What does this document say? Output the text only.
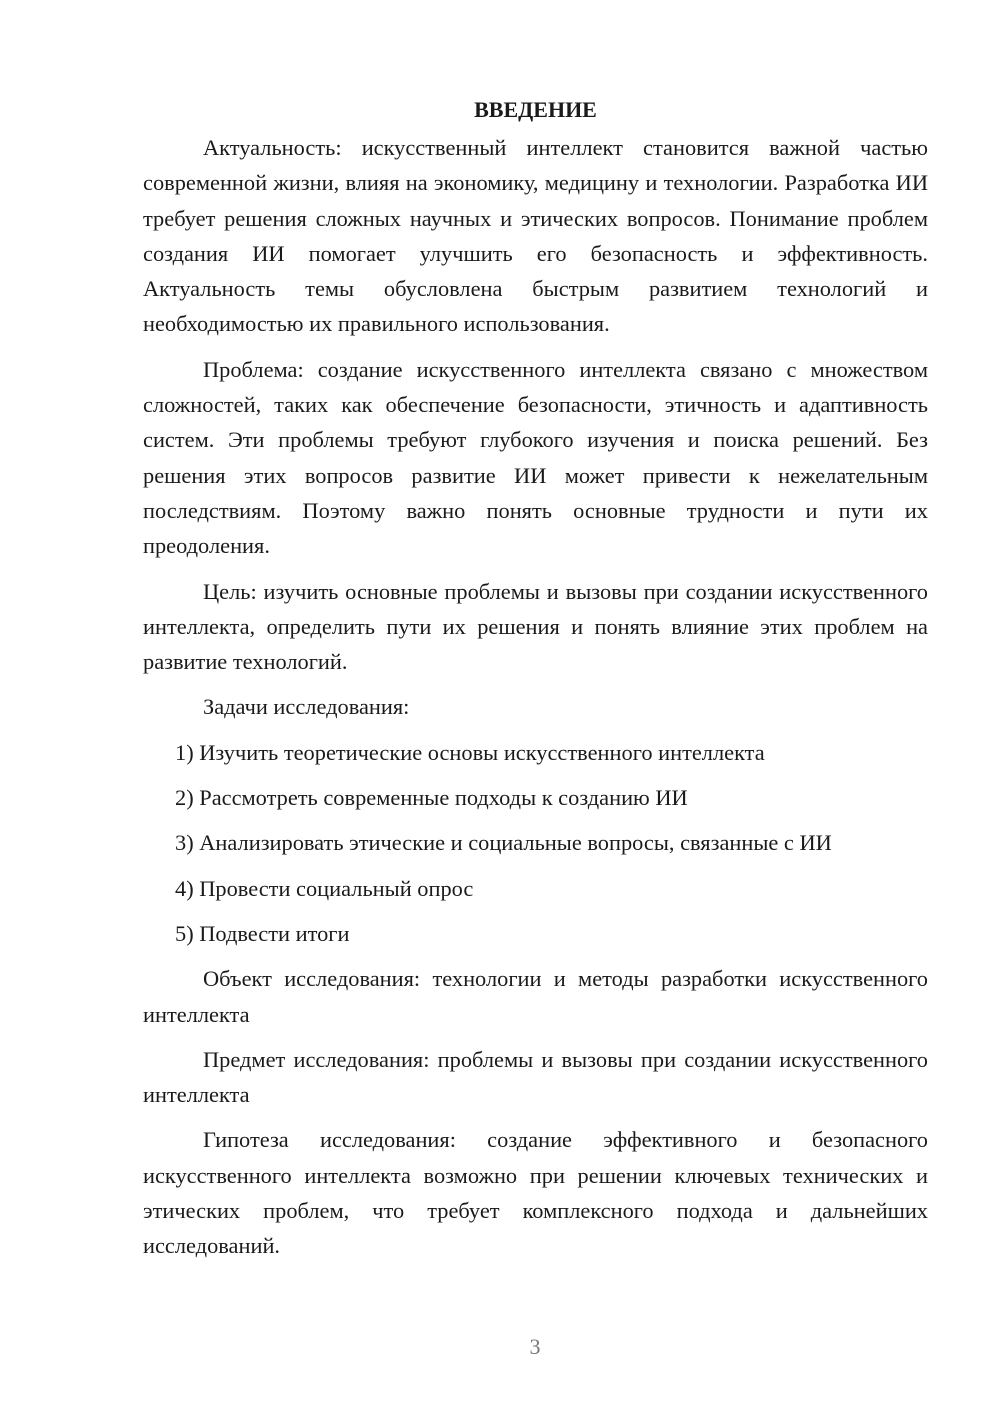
ВВЕДЕНИЕ

Актуальность: искусственный интеллект становится важной частью современной жизни, влияя на экономику, медицину и технологии. Разработка ИИ требует решения сложных научных и этических вопросов. Понимание проблем создания ИИ помогает улучшить его безопасность и эффективность. Актуальность темы обусловлена быстрым развитием технологий и необходимостью их правильного использования.

Проблема: создание искусственного интеллекта связано с множеством сложностей, таких как обеспечение безопасности, этичность и адаптивность систем. Эти проблемы требуют глубокого изучения и поиска решений. Без решения этих вопросов развитие ИИ может привести к нежелательным последствиям. Поэтому важно понять основные трудности и пути их преодоления.

Цель: изучить основные проблемы и вызовы при создании искусственного интеллекта, определить пути их решения и понять влияние этих проблем на развитие технологий.

Задачи исследования:

1) Изучить теоретические основы искусственного интеллекта
2) Рассмотреть современные подходы к созданию ИИ
3) Анализировать этические и социальные вопросы, связанные с ИИ
4) Провести социальный опрос
5) Подвести итоги

Объект исследования: технологии и методы разработки искусственного интеллекта

Предмет исследования: проблемы и вызовы при создании искусственного интеллекта

Гипотеза исследования: создание эффективного и безопасного искусственного интеллекта возможно при решении ключевых технических и этических проблем, что требует комплексного подхода и дальнейших исследований.

3
